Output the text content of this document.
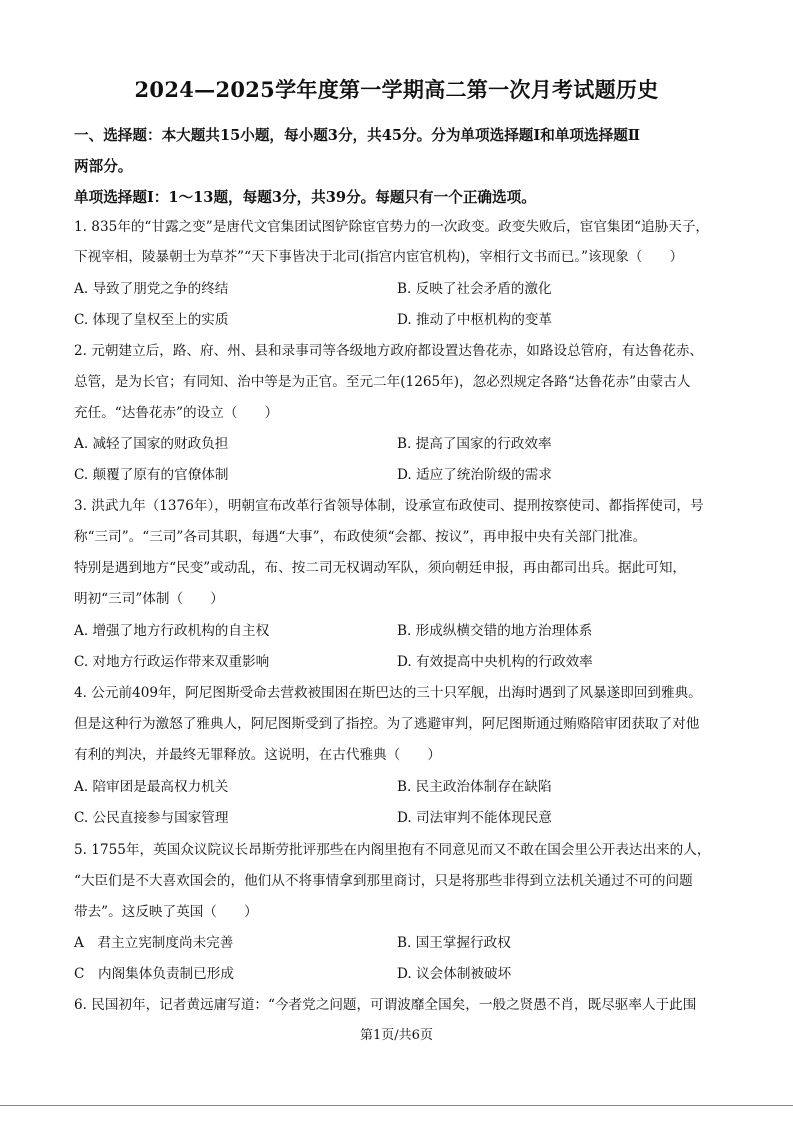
2024—2025学年度第一学期高二第一次月考试题历史
一、选择题：本大题共15小题，每小题3分，共45分。分为单项选择题Ⅰ和单项选择题Ⅱ
两部分。
单项选择题Ⅰ：1～13题，每题3分，共39分。每题只有一个正确选项。
1. 835年的“甘露之变”是唐代文官集团试图铲除宦官势力的一次政变。政变失败后，宦官集团“追胁天子，
下视宰相，陵暴朝士为草芥”“天下事皆决于北司(指宫内宦官机构)，宰相行文书而已。”该现象（　　）
A. 导致了朋党之争的终结	B. 反映了社会矛盾的激化
C. 体现了皇权至上的实质	D. 推动了中枢机构的变革
2. 元朝建立后，路、府、州、县和录事司等各级地方政府都设置达鲁花赤，如路设总管府，有达鲁花赤、
总管，是为长官；有同知、治中等是为正官。至元二年(1265年)，忽必烈规定各路“达鲁花赤”由蒙古人
充任。“达鲁花赤”的设立（　　）
A. 减轻了国家的财政负担	B. 提高了国家的行政效率
C. 颠覆了原有的官僚体制	D. 适应了统治阶级的需求
3. 洪武九年（1376年），明朝宣布改革行省领导体制，设承宣布政使司、提刑按察使司、都指挥使司，号
称“三司”。“三司”各司其职，每遇“大事”，布政使须“会都、按议”，再申报中央有关部门批准。
特别是遇到地方“民变”或动乱，布、按二司无权调动军队，须向朝廷申报，再由都司出兵。据此可知，
明初“三司”体制（　　）
A. 增强了地方行政机构的自主权	B. 形成纵横交错的地方治理体系
C. 对地方行政运作带来双重影响	D. 有效提高中央机构的行政效率
4. 公元前409年，阿尼图斯受命去营救被围困在斯巴达的三十只军舰，出海时遇到了风暴遂即回到雅典。
但是这种行为激怒了雅典人，阿尼图斯受到了指控。为了逃避审判，阿尼图斯通过贿赂陪审团获取了对他
有利的判决，并最终无罪释放。这说明，在古代雅典（　　）
A. 陪审团是最高权力机关	B. 民主政治体制存在缺陷
C. 公民直接参与国家管理	D. 司法审判不能体现民意
5. 1755年，英国众议院议长昂斯劳批评那些在内阁里抱有不同意见而又不敢在国会里公开表达出来的人，
“大臣们是不大喜欢国会的，他们从不将事情拿到那里商讨，只是将那些非得到立法机关通过不可的问题
带去”。这反映了英国（　　）
A　君主立宪制度尚未完善	B. 国王掌握行政权
C　内阁集体负责制已形成	D. 议会体制被破坏
6. 民国初年，记者黄远庸写道：“今者党之问题，可谓波靡全国矣，一般之贤愚不肖，既尽驱率人于此围
第1页/共6页
